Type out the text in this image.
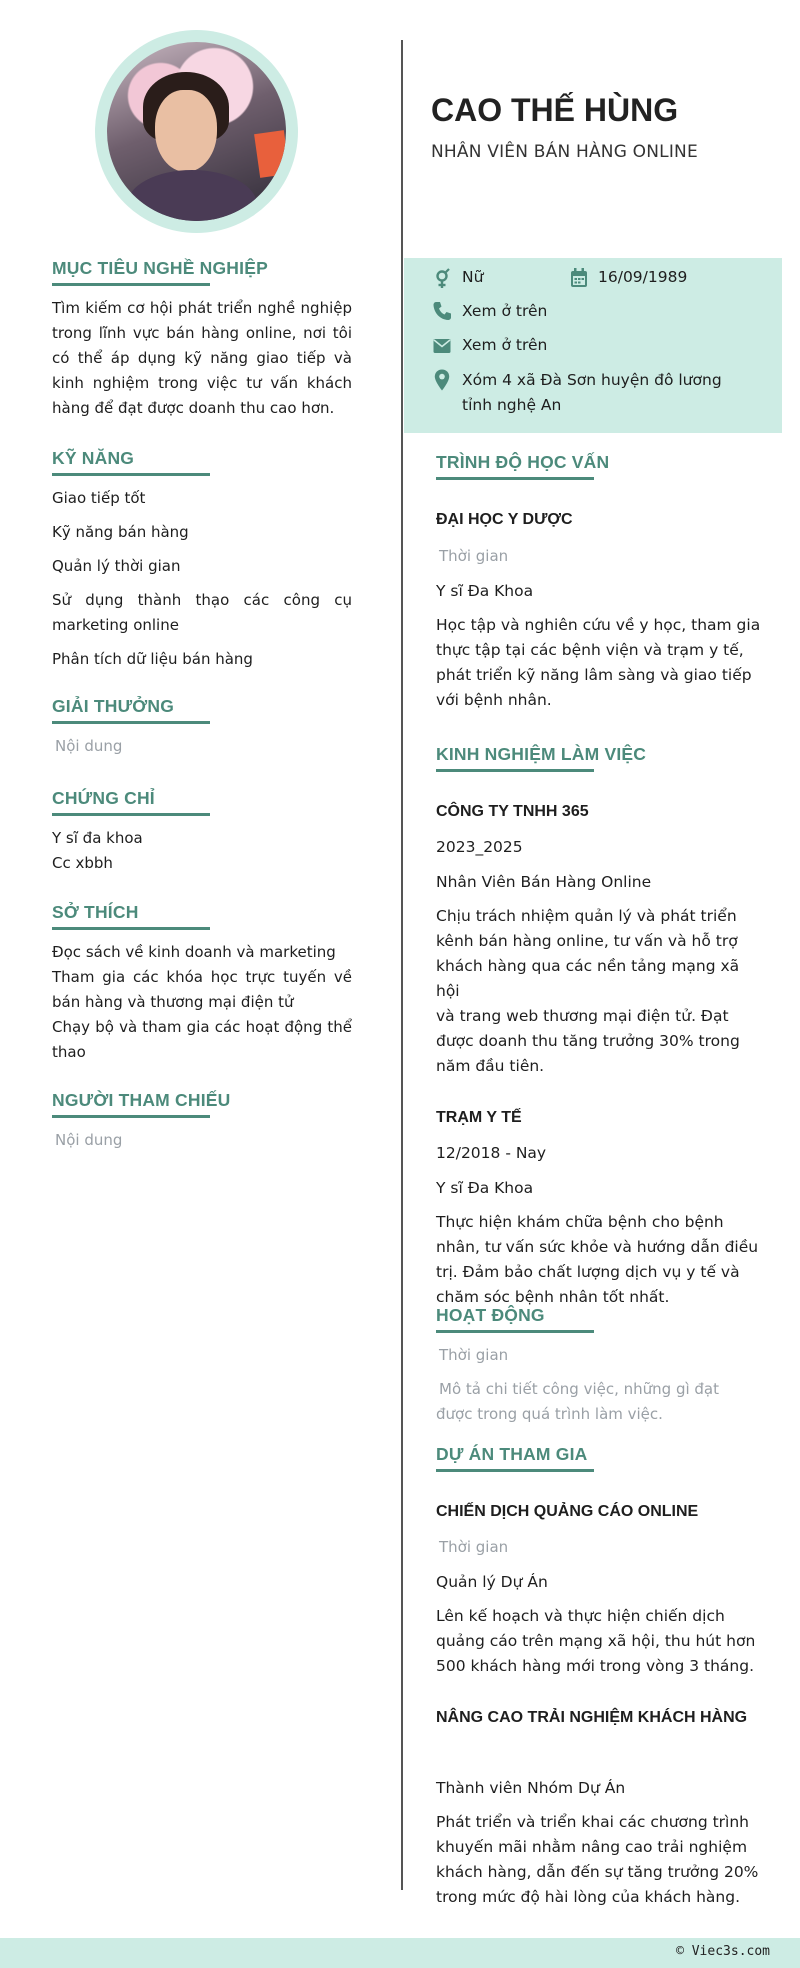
MỤC TIÊU NGHỀ NGHIỆP
Tìm kiếm cơ hội phát triển nghề nghiệp
trong lĩnh vực bán hàng online, nơi tôi
có thể áp dụng kỹ năng giao tiếp và
kinh nghiệm trong việc tư vấn khách
hàng để đạt được doanh thu cao hơn.
KỸ NĂNG
Giao tiếp tốt
Kỹ năng bán hàng
Quản lý thời gian
Sử dụng thành thạo các công cụ
marketing online
Phân tích dữ liệu bán hàng
GIẢI THƯỞNG
Nội dung
CHỨNG CHỈ
Y sĩ đa khoa
Cc xbbh
SỞ THÍCH
Đọc sách về kinh doanh và marketing
Tham gia các khóa học trực tuyến về
bán hàng và thương mại điện tử
Chạy bộ và tham gia các hoạt động thể
thao
NGƯỜI THAM CHIẾU
Nội dung
CAO THẾ HÙNG
NHÂN VIÊN BÁN HÀNG ONLINE
Nữ	16/09/1989
Xem ở trên
Xem ở trên
Xóm 4 xã Đà Sơn huyện đô lương
tỉnh nghệ An
TRÌNH ĐỘ HỌC VẤN
ĐẠI HỌC Y DƯỢC
Thời gian
Y sĩ Đa Khoa
Học tập và nghiên cứu về y học, tham gia
thực tập tại các bệnh viện và trạm y tế,
phát triển kỹ năng lâm sàng và giao tiếp
với bệnh nhân.
KINH NGHIỆM LÀM VIỆC
CÔNG TY TNHH 365
2023_2025
Nhân Viên Bán Hàng Online
Chịu trách nhiệm quản lý và phát triển
kênh bán hàng online, tư vấn và hỗ trợ
khách hàng qua các nền tảng mạng xã hội
và trang web thương mại điện tử. Đạt
được doanh thu tăng trưởng 30% trong
năm đầu tiên.
TRẠM Y TẾ
12/2018 - Nay
Y sĩ Đa Khoa
Thực hiện khám chữa bệnh cho bệnh
nhân, tư vấn sức khỏe và hướng dẫn điều
trị. Đảm bảo chất lượng dịch vụ y tế và
chăm sóc bệnh nhân tốt nhất.
HOẠT ĐỘNG
Thời gian
Mô tả chi tiết công việc, những gì đạt
được trong quá trình làm việc.
DỰ ÁN THAM GIA
CHIẾN DỊCH QUẢNG CÁO ONLINE
Thời gian
Quản lý Dự Án
Lên kế hoạch và thực hiện chiến dịch
quảng cáo trên mạng xã hội, thu hút hơn
500 khách hàng mới trong vòng 3 tháng.
NÂNG CAO TRẢI NGHIỆM KHÁCH HÀNG
Thành viên Nhóm Dự Án
Phát triển và triển khai các chương trình
khuyến mãi nhằm nâng cao trải nghiệm
khách hàng, dẫn đến sự tăng trưởng 20%
trong mức độ hài lòng của khách hàng.
© Viec3s.com
